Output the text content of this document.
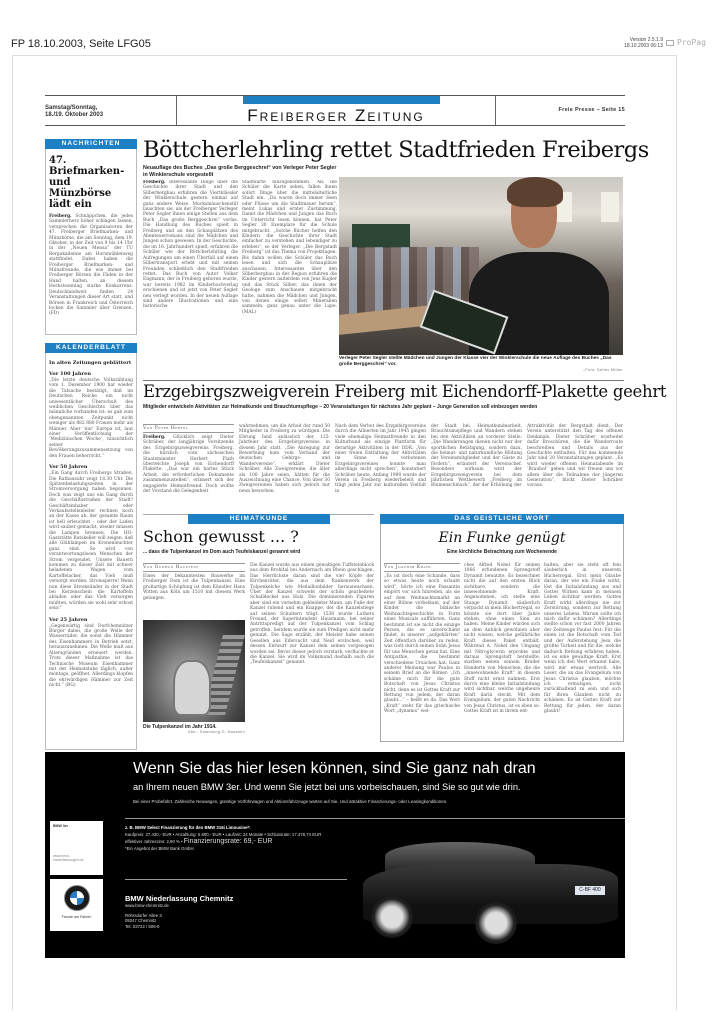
FP 18.10.2003, Seite LFG05	Version 2.5.1.9
18.10.2003 06:13	ProPag
Samstag/Sonntag,
18./19. Oktober 2003	Freiberger Zeitung	Freie Presse – Seite 15
NACHRICHTEN
47. Briefmarken- und Münzbörse lädt ein
Freiberg. Schnäppchen, die jedes Sammlerherz höher schlagen lassen, versprechen die Organisatoren der 47. Freiberger Briefmarken- und Münzbörse, die am Sonntag, dem 19. Oktober, in der Zeit von 9 bis 14 Uhr in der „Neuen Mensa“ der TU Bergakademie am Hornmühlenweg stattfindet. Dabei haben die Freiberger Briefmarken- und Münzfreunde, die wie immer bei Freiberger Börsen die Fäden in der Hand halten, an diesem Herbstsonntag starke Konkurrenz. Deutschlandweit finden 24 Veranstaltungen dieser Art statt, und Börsen in Frankreich und Österreich locken die Sammler über Grenzen. (FD)
KALENDERBLATT
In alten Zeitungen geblättert
Vor 100 Jahren
„Die letzte deutsche Volkszählung vom 1. Dezember 1900 hat wieder die Tatsache bestätigt, daß im Deutschen Reiche ein nicht unwesentlicher Überschuß des weiblichen Geschlechts über das männliche vorhanden ist: es gab zum obengenannten Zeitpunkt nicht weniger als 882 880 Frauen mehr als Männer. Aber ‘nur’ Europa ist, laut einer Veröffentlichung der ‘Medizinischen Woche’, hinsichtlich seiner Bevölkerungszusammensetzung von den Frauen beherrscht.“
Vor 50 Jahren
„Ein Gang durch Freibergs Straßen. Die Rathausuhr zeigt 18.30 Uhr. Die Spitzenbelastungszeiten in der Stromversorgung haben begonnen. Doch was zeigt uns ein Gang durch die Geschäftsstraßen der Stadt? Geschäftsinhaber oder Verkaufsstellenleiter rechnen noch an der Kasse ab, der gesamte Raum ist hell erleuchtet – oder der Laden wird sauber gemacht, wieder müssen die Lampen brennen. Die HO-Gaststätte Ratskeller will zeigen, daß alle Glühlampen im Kronenleuchter ganz sind. So wird von verantwortungslosen Menschen der Strom vergeudet. Unsere Bauern kommen zu dieser Zeit mit schwer beladenen Wagen vom Kartoffelacker, das Vieh muß versorgt werden. Stromsperre! Wenn nun diese Stromsünder in der Stadt bei Kerzenschein die Kartoffeln abladen oder das Vieh versorgen müßten, würden sie wohl sehr erbost sein!“
Vor 25 Jahren
„Gegenwärtig sind Dorfchemnitzer Bürger dabei, die große Welle der Wasserräder, die sonst die Hämmer des Eisenhammers in Betrieb setzt, herauszunehmen. Die Welle muß aus Altersgründen erneuert werden. Trotz dieser Maßnahme ist das Technische Museum Eisenhammer mit der Heimatstube täglich, außer montags, geöffnet. Allerdings klopfen die ehrwürdigen Hämmer zur Zeit nicht.“ (BG)
Böttcherlehrling rettet Stadtfrieden Freibergs
Neuauflage des Buches „Das große Berggeschrei“ von Verleger Peter Segler in Winklerschule vorgestellt
Freiberg. Interessante Dinge über die Geschichte ihrer Stadt und den Silberbergbau erfuhren die Viertklässler der Winklerschule gestern einmal auf ganz andere Weise. Mucksmäuschenstill lauschten sie, als der Freiberger Verleger Peter Segler ihnen einige Stellen aus dem Buch „Das große Berggeschrei“ vorlas. Die Handlung des Buches spielt in Freiberg und an den Schauplätzen des Abenteuerromans sind die Mädchen und Jungen schon gewesen. In der Geschichte, die im 16. Jahrhundert spielt, erfahren die Schüler wie der Böttcherlehrling die Aufregungen um einen Überfall auf einen Silbertransport erlebt und mit seinen Freunden schließlich den Stadtfrieden rettet. Das Buch von Autor Volker Engmann, der in Freiberg geboren wurde, war bereits 1982 im Kinderbuchverlag erschienen und ist jetzt von Peter Segler neu verlegt worden. In der neuen Auflage sind andere Illustrationen und eine historische
Stadtkarte hinzugekommen. Als die Schüler die Karte sehen, fallen ihnen sofort Dinge über die mittelalterliche Stadt ein. „Da waren doch immer Seen oder Flüsse um die Stadtmauer herum“, meint Lukas und erntet Zustimmung. Damit die Mädchen und Jungen das Buch im Unterricht lesen können, hat Peter Segler 30 Exemplare für die Schule mitgebracht. „Solche Bücher helfen den Kindern, die Geschichte ihrer Stadt einfacher zu verstehen und lebendiger zu erleben“, so der Verleger. „Die Bergstadt Freiberg“ ist das Thema von Projekttagen. Bis dahin wollen die Schüler das Buch lesen und sich die Schauplätze anschauen. Interessantes über den Silberbergbau in der Region erfuhren die Kinder gestern außerdem von Jens Kugler und das Stück Silber, das ihnen der Geologe zum Anschauen mitgebracht hatte, nahmen die Mädchen und Jungen, von denen einige selbst Mineralien sammeln, ganz genau unter die Lupe. (MAL)
Verleger Peter Segler stellte Mädchen und Jungen der Klasse vier der Winklerschule die neue Auflage des Buches „Das große Berggeschrei“ vor.
–Foto: Detlev Müller
Erzgebirgszweigverein Freiberg mit Eichendorff-Plakette geehrt
Mitglieder entwickeln Aktivitäten zur Heimatkunde und Brauchtumspflege – 20 Veranstaltungen für nächstes Jahr geplant – Junge Generation soll einbezogen werden
Von Peter Hertel
Freiberg. Glücklich zeigt Dieter Schräber, der langjährige Vorsitzende des Erzgebirgszweigvereins Freiberg, die kürzlich vom sächsischen Staatsminister Herbert Flath überreichte Joseph von Eichendorff Plakette. „Das war ein hartes Stück Arbeit, die erforderlichen Dokumente zusammenzustellen“, erinnert sich der engagierte Heimatfreund. Doch wollte der Vorstand die Gelegenheit
wahrnehmen, um die Arbeit der rund 50 Mitglieder in Freiberg zu würdigen. Die Ehrung fand anlässlich der 125-Jahrfeier des Erzgebirgsvereins in diesem Jahr statt. „Die Anregung zur Bewerbung kam vom Verband der deutschen Gebirgs- und Wandervereine“, erklärt Dieter Schräber. Alle Zweigvereine, die älter als 100 Jahre seien, hätten für die Auszeichnung eine Chance. Von über 30 Zweigvereinen haben sich jedoch nur neun beworben.
Nach dem Verbot des Erzgebirgsvereins durch die Alliierten im Jahr 1945 gingen viele ehemalige Heimatfreunde in den Kulturbund als einzige Plattform für derartige Aktivitäten in der DDR. „Von einer freien Entfaltung der Aktivitäten im Sinne des verbotenen Erzgebirgsvereines konnte man allerdings nicht sprechen“, konstatiert Schräber heute. Anfang 1990 wurde der Verein in Freiberg wiederbelebt und trägt jeden Jahr zur kulturellen Vielfalt in
der Stadt bei. Heimatkundearbeit, Brauchtumspflege und Wandern stehen bei den Aktivitäten an vorderer Stelle. „Die Wanderungen dienen nicht nur der sportlichen Betätigung, sondern dazu, die heimat- und naturkundliche Bildung der Vereinsmitglieder und der Gäste zu fördern“, erläutert der Vereinschef. Besonders wirksam wird der Erzgebirgszweigverein bei dem jährlichen Wettbewerb „Freiberg im Blumenschmuck“, der der Erhöhung der
Attraktivität der Bergstadt dient. Der Verein unterstützt den Tag des offenen Denkmals. Dieter Schräber erarbeitet dafür Broschüren, die die Wanderroute beschreiben und Details aus der Geschichte enthalten. Für das kommende Jahr sind 20 Veranstaltungen geplant. „Es wird wieder offenen Heimatabende im ‘Brauhof’ geben und wir freuen uns vor allem über die Teilnahme der jüngeren Generation“, blickt Dieter Schräber voraus.
HEIMATKUNDE
Schon gewusst ... ?
... dass die Tulpenkanzel im Dom auch Teufelskanzel genannt wird
Von Gudrun Haustein
Eines der bekanntesten Bauwerke im Freiberger Dom ist die Tulpenkanzel. Eine großartige Schöpfung ist dem Künstler Hans Witten aus Köln um 1510 mit diesem Werk gelungen.
Die Tulpenkanzel im Jahr 1914.
Abb.: Sammlung G. Haustein
Die Kanzel wurde aus einem gewaltigen Tuffsteinblock aus dem Brohltal bei Andernach am Rhein geschlagen. Das Herrlichste daran sind die vier Köpfe der Kirchenväter, die aus dem Rankenwerk der Tulpenkelche wie Medaillonbilder herauswachsen. Über der Kanzel schwebt der schön gearbeitete Schalldeckel aus Holz. Die dominierenden Figuren aber sind ein vornehm gekleideter Mann, am Fuße der Kanzel ruhend und ein Knappe, der die Kanzelstiege auf seinen Schultern trägt. 1538 wurde Luthers Freund, der Superintendent Hausmann, bei seiner Antrittspredigt auf der Tulpenkanzel vom Schlag getroffen. Seitdem wurde sie zum Predigen nicht mehr genutzt. Die Sage erzählt, der Meister habe seinen Gesellen aus Eifersucht und Neid erstochen, weil dessen Entwurf zur Kanzel dem seinen vorgezogen worden sei. Bevor dieser jedoch verstarb, verfluchte er die Kanzel. Sie wird im Volksmund deshalb auch die „Teufelskanzel“ genannt.
DAS GEISTLICHE WORT
Ein Funke genügt
Eine kirchliche Betrachtung zum Wochenende
Von Joachim Krahl
„Es ist doch eine Schande, dass so etwas heute noch erlaubt wird“, hörte ich eine Passantin empört vor sich hinreden, als sie auf dem Weihnachtsmarkt an einer Bühne vorbeikam, auf der Kinder die biblische Weihnachtsgeschichte in Form eines Musicals aufführten. Ganz bestimmt ist sie nicht die einzige Person, die es unverschämt findet, in unserer „aufgeklärten“ Zeit öffentlich darüber zu reden, was Gott durch seinen Sohn Jesus für uns Menschen getan hat. Eine Antipathie, die bestimmt verschiedene Ursachen hat. Ganz anderer Meinung war Paulus in seinem Brief an die Römer: „Ich schäme mich für die gute Botschaft von Jesus Christus nicht, denn es ist Gottes Kraft zur Rettung von jedem, der daran glaubt...“ – heißt es da. Das Wort „Kraft“ steht für das griechische Wort „dynamis“ wel-
ches Alfred Nobel für seinen 1866 erfundenen Sprengstoff Dynamit benutzte. Es bezeichnet nicht die auf den ersten Blick sichtbare, sondern die innewohnende Kraft. Angenommen, ich stelle eine Stange Dynamit säuberlich verpackt in mein Büchertregal, so könnte sie dort über Jahre stehen, ohne einen Sinn zu haben. Meine Kinder würden sich an dem Anblick gewöhnen aber nicht wissen, welche gefährliche Kraft dieses Paket enthält. Während A. Nobel den Umgang mit Nitroglycerin erprobte und daraus Sprengstoff herstellte, starben neben seinem Bruder Hunderte von Menschen, die die „innewohnende Kraft“ in diesem Stoff nicht ernst nahmen. Erst durch eine kleine Initialzündung wird sichtbar, welche ungeheure Kraft darin steckt. Mit dem Evangelium, der guten Nachricht von Jesus Christus, ist es eben so. Gottes Kraft ist in ihrem ent-
halten, aber sie steht oft fein säuberlich in unserem Bücherregal. Erst mein Glaube daran, der wie ein Funke wirkt, löst die Initialzündung aus und Gottes Wirken kann in meinem Leben sichtbar werden. Gottes Kraft wirkt allerdings nie zur Zerstörung, sondern zur Rettung unseres Lebens. Warum sollte ich mich dafür schämen? Allerdings stellte schon vor fast 2000 Jahren der Zeitzeuge Paulus fest: Für die einen ist die Botschaft vom Tod und der Auferstehung Jesu die größte Torheit und für die, welche dadurch Rettung erfahren haben, ist es eine gewaltige Kraft. Erst wenn ich den Wert erkannt habe, wird mir etwas wertvoll. Alle Leser, die an das Evangelium von Jesus Christus glauben, möchte ich ermutigen, nicht zurückhaltend zu sein und sich für ihren Glauben nicht zu schämen. Es ist Gottes Kraft zur Rettung für jeden, der daran glaubt!
Wenn Sie das hier lesen können, sind Sie ganz nah dran
an Ihrem neuen BMW 3er. Und wenn Sie jetzt bei uns vorbeischauen, sind Sie so gut wie drin.
Bei einer Probefahrt. Zahlreiche Neuwagen, günstige Vorführwagen und Aktionsfahrzeuge warten auf Sie. Und attraktive Finanzierungs- oder Leasingkonditionen.
BMW 3er
www.bmw-niederlassungen.de
Freude am Fahren
z. B. BMW Select Finanzierung für den BMW 316i Limousine*:
Kaufpreis: 27.430,- EUR • Anzahlung: 6.800,- EUR • Laufzeit: 24 Monate • Schlussrate: 17.478,74 EUR
effektiver Jahreszins: 2,90 % • Finanzierungsrate: 69,- EUR
*Ein Angebot der BMW Bank GmbH.
BMW Niederlassung Chemnitz
www.bmw-chemnitz.de
Röhrsdorfer Allee 3
09247 Chemnitz
Tel. 03722 / 506-0
C-BF 400
